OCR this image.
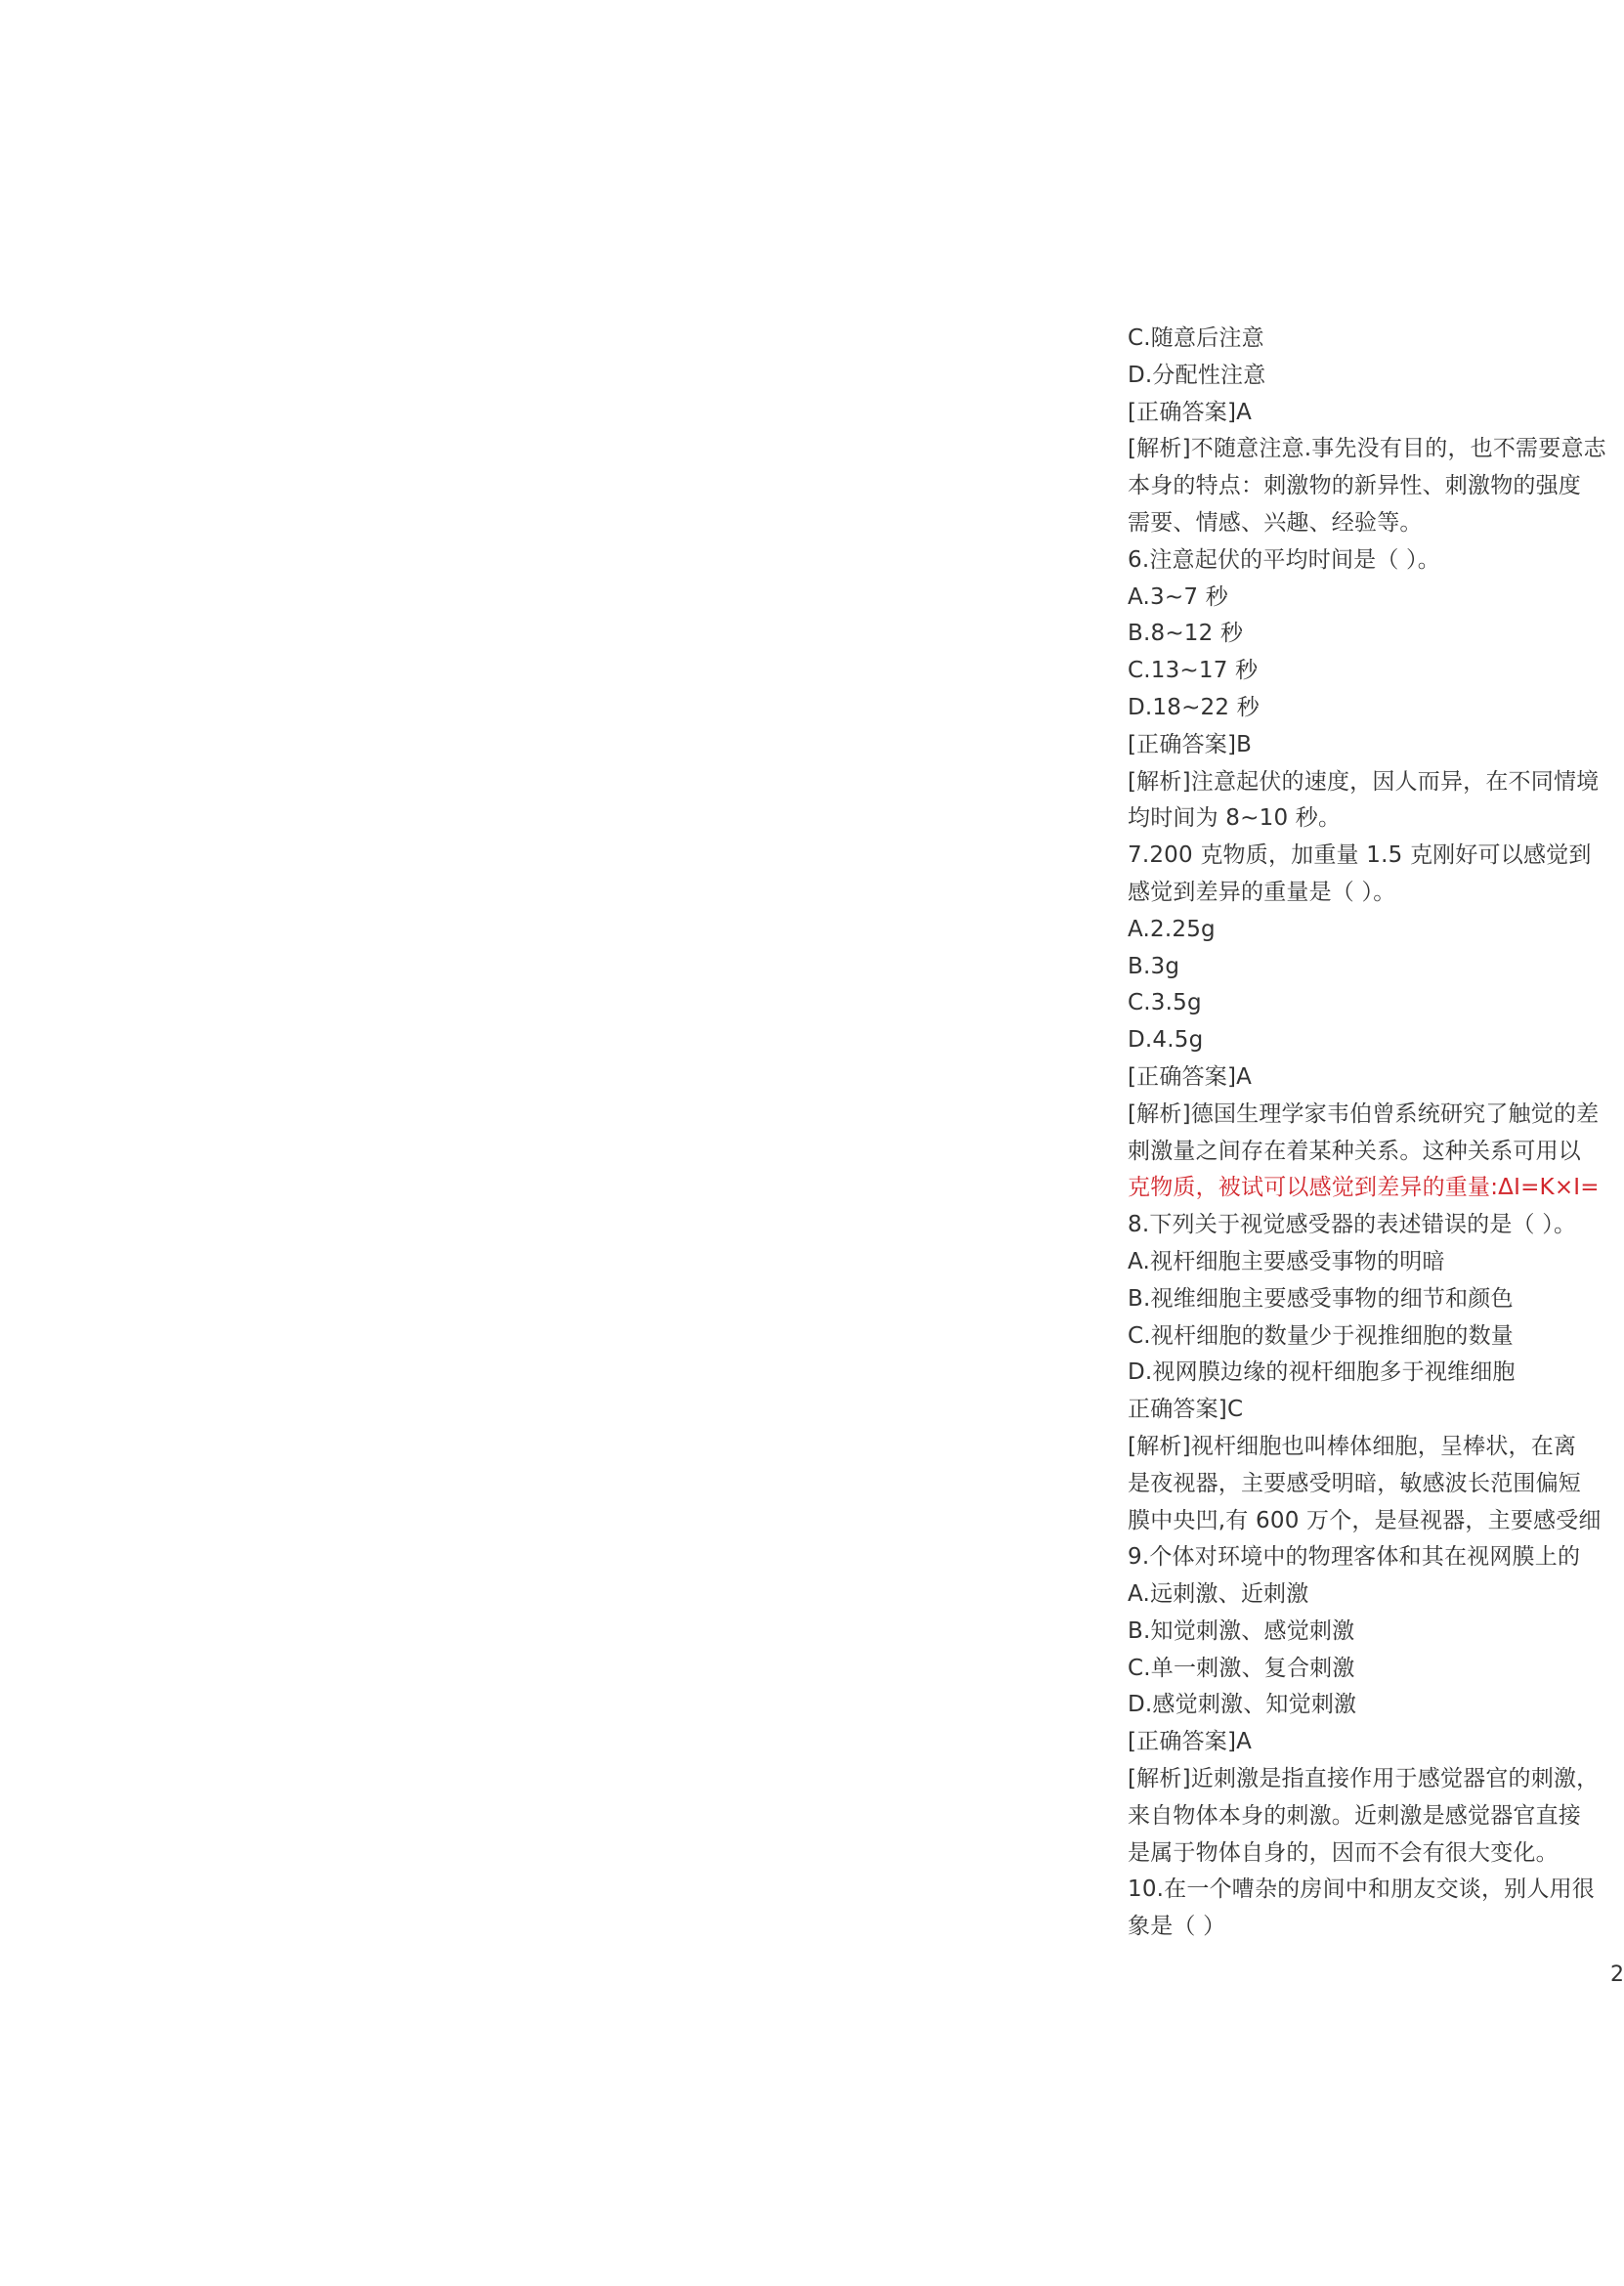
C.随意后注意
D.分配性注意
[正确答案]A
[解析]不随意注意.事先没有目的，也不需要意志
本身的特点：刺激物的新异性、刺激物的强度
需要、情感、兴趣、经验等。
6.注意起伏的平均时间是（ ）。
A.3~7 秒
B.8~12 秒
C.13~17 秒
D.18~22 秒
[正确答案]B
[解析]注意起伏的速度，因人而异，在不同情境
均时间为 8~10 秒。
7.200 克物质，加重量 1.5 克刚好可以感觉到
感觉到差异的重量是（ ）。
A.2.25g
B.3g
C.3.5g
D.4.5g
[正确答案]A
[解析]德国生理学家韦伯曾系统研究了触觉的差
刺激量之间存在着某种关系。这种关系可用以
克物质，被试可以感觉到差异的重量:ΔI=K×I=
8.下列关于视觉感受器的表述错误的是（ ）。
A.视杆细胞主要感受事物的明暗
B.视维细胞主要感受事物的细节和颜色
C.视杆细胞的数量少于视推细胞的数量
D.视网膜边缘的视杆细胞多于视维细胞
正确答案]C
[解析]视杆细胞也叫棒体细胞，呈棒状，在离
是夜视器，主要感受明暗，敏感波长范围偏短
膜中央凹,有 600 万个，是昼视器，主要感受细
9.个体对环境中的物理客体和其在视网膜上的
A.远刺激、近刺激
B.知觉刺激、感觉刺激
C.单一刺激、复合刺激
D.感觉刺激、知觉刺激
[正确答案]A
[解析]近刺激是指直接作用于感觉器官的刺激，
来自物体本身的刺激。近刺激是感觉器官直接
是属于物体自身的，因而不会有很大变化。
10.在一个嘈杂的房间中和朋友交谈，别人用很
象是（ ）
2
